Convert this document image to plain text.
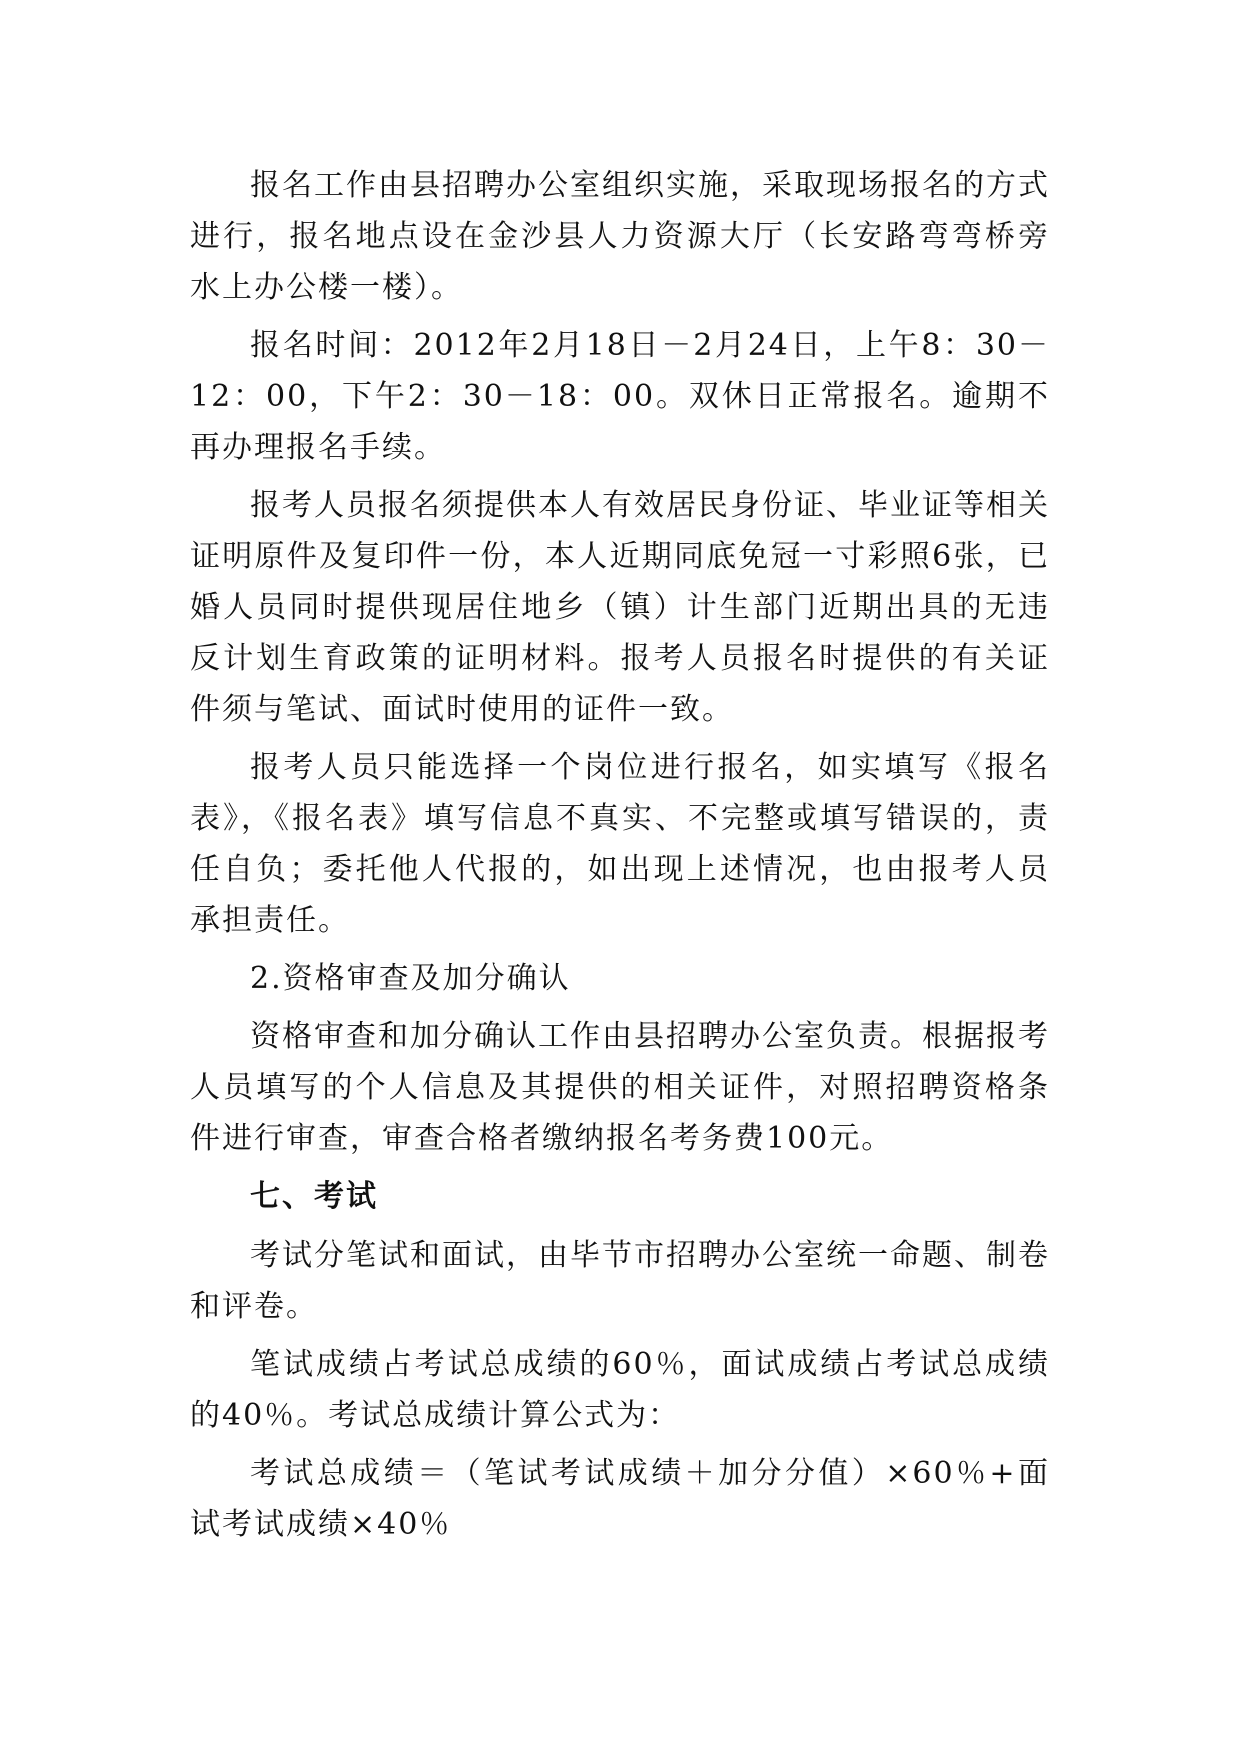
报名工作由县招聘办公室组织实施，采取现场报名的方式进行，报名地点设在金沙县人力资源大厅（长安路弯弯桥旁水上办公楼一楼）。

报名时间：2012年2月18日－2月24日，上午8：30－12：00，下午2：30－18：00。双休日正常报名。逾期不再办理报名手续。

报考人员报名须提供本人有效居民身份证、毕业证等相关证明原件及复印件一份，本人近期同底免冠一寸彩照6张，已婚人员同时提供现居住地乡（镇）计生部门近期出具的无违反计划生育政策的证明材料。报考人员报名时提供的有关证件须与笔试、面试时使用的证件一致。

报考人员只能选择一个岗位进行报名，如实填写《报名表》，《报名表》填写信息不真实、不完整或填写错误的，责任自负；委托他人代报的，如出现上述情况，也由报考人员承担责任。

2.资格审查及加分确认

资格审查和加分确认工作由县招聘办公室负责。根据报考人员填写的个人信息及其提供的相关证件，对照招聘资格条件进行审查，审查合格者缴纳报名考务费100元。

七、考试

考试分笔试和面试，由毕节市招聘办公室统一命题、制卷和评卷。

笔试成绩占考试总成绩的60％，面试成绩占考试总成绩的40％。考试总成绩计算公式为：

考试总成绩＝（笔试考试成绩＋加分分值）×60％+面试考试成绩×40％
